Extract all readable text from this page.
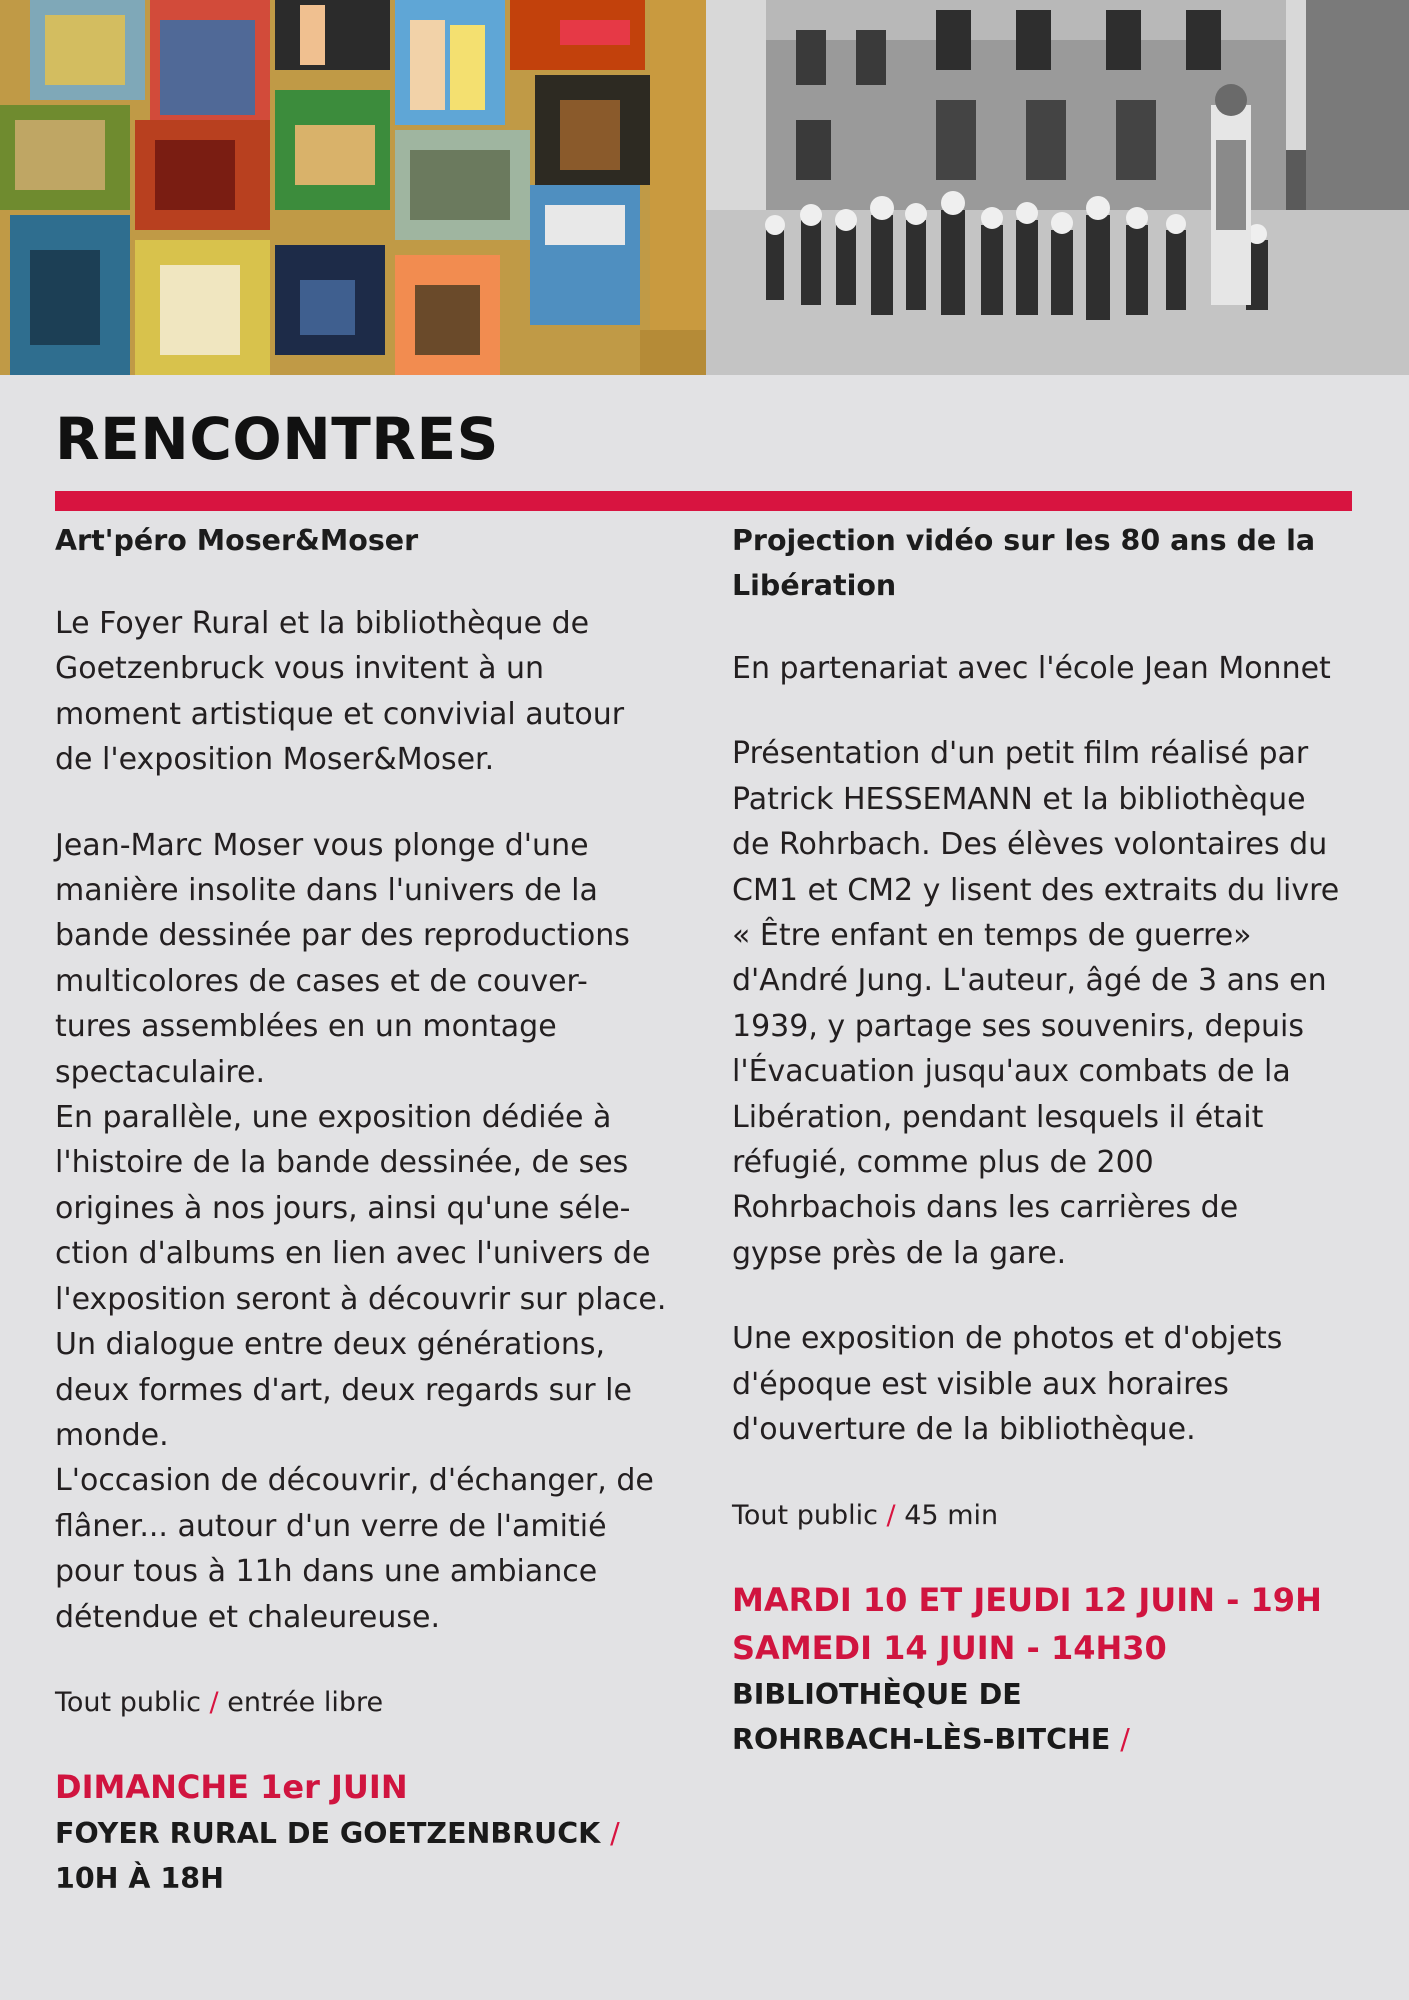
RENCONTRES

Art'péro Moser&Moser

Le Foyer Rural et la bibliothèque de
Goetzenbruck vous invitent à un
moment artistique et convivial autour
de l'exposition Moser&Moser.

Jean-Marc Moser vous plonge d'une
manière insolite dans l'univers de la
bande dessinée par des reproductions
multicolores de cases et de couver-
tures assemblées en un montage
spectaculaire.
En parallèle, une exposition dédiée à
l'histoire de la bande dessinée, de ses
origines à nos jours, ainsi qu'une séle-
ction d'albums en lien avec l'univers de
l'exposition seront à découvrir sur place.
Un dialogue entre deux générations,
deux formes d'art, deux regards sur le
monde.
L'occasion de découvrir, d'échanger, de
flâner... autour d'un verre de l'amitié
pour tous à 11h dans une ambiance
détendue et chaleureuse.

Tout public / entrée libre

DIMANCHE 1er JUIN

FOYER RURAL DE GOETZENBRUCK /

10H À 18H

Projection vidéo sur les 80 ans de la
Libération

En partenariat avec l'école Jean Monnet

Présentation d'un petit film réalisé par
Patrick HESSEMANN et la bibliothèque
de Rohrbach. Des élèves volontaires du
CM1 et CM2 y lisent des extraits du livre
« Être enfant en temps de guerre»
d'André Jung. L'auteur, âgé de 3 ans en
1939, y partage ses souvenirs, depuis
l'Évacuation jusqu'aux combats de la
Libération, pendant lesquels il était
réfugié, comme plus de 200
Rohrbachois dans les carrières de
gypse près de la gare.

Une exposition de photos et d'objets
d'époque est visible aux horaires
d'ouverture de la bibliothèque.

Tout public / 45 min

MARDI 10 ET JEUDI 12 JUIN - 19H

SAMEDI 14 JUIN - 14H30

BIBLIOTHÈQUE DE

ROHRBACH-LÈS-BITCHE /
